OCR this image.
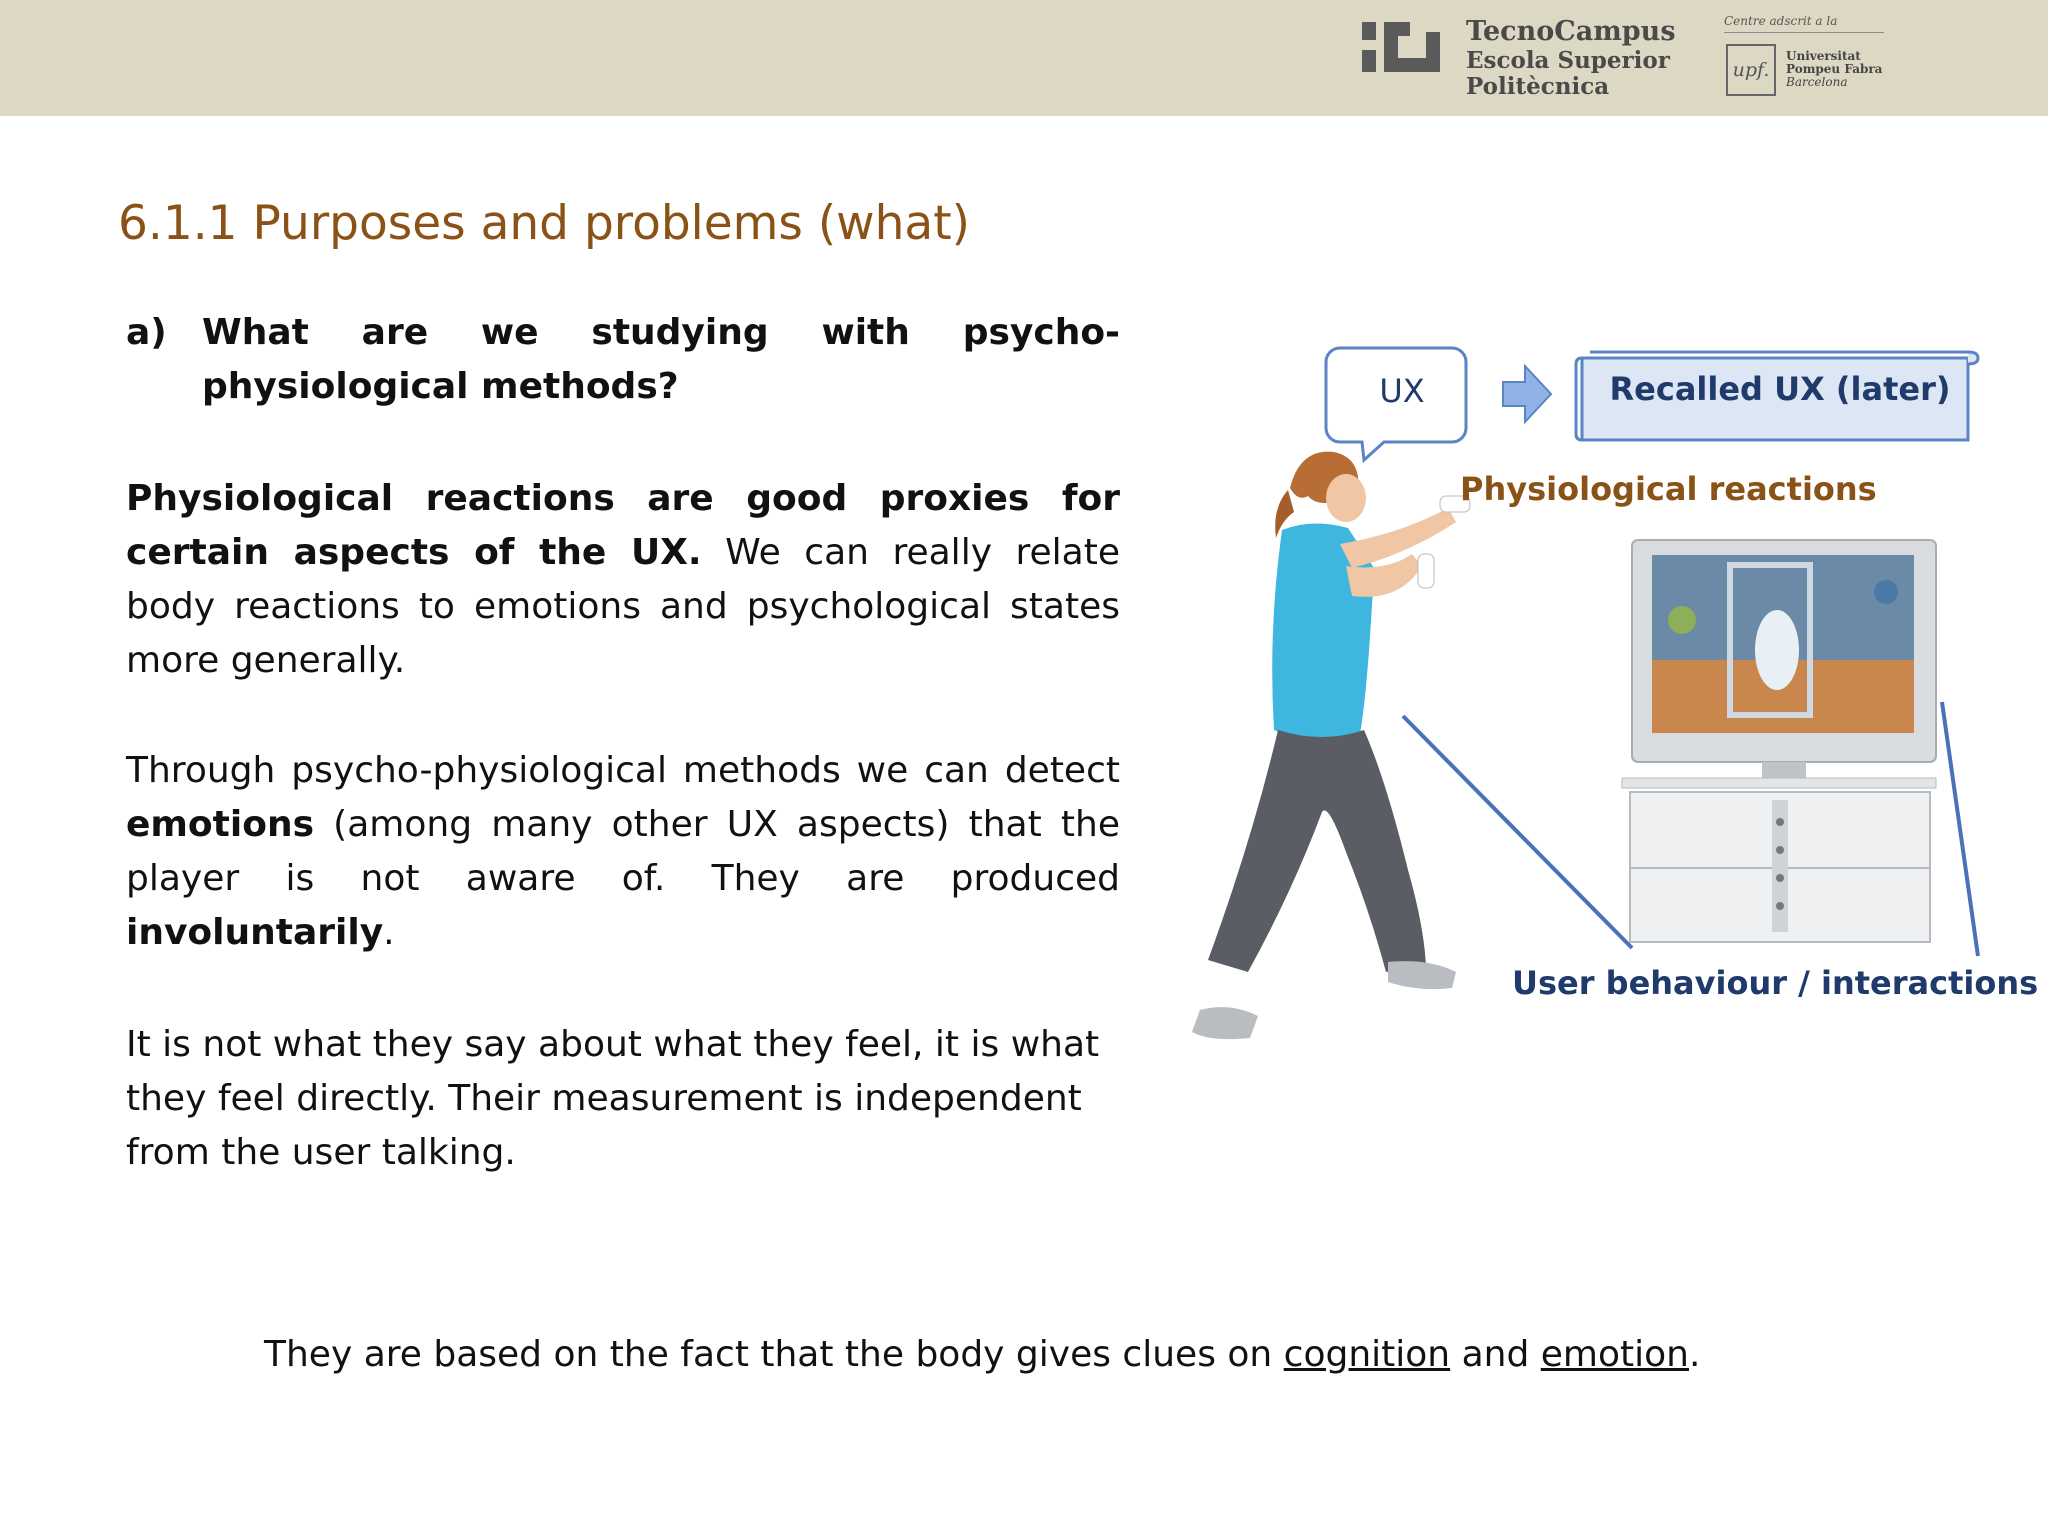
TecnoCampus
Escola Superior
Politècnica
Centre adscrit a la
upf.
Universitat
Pompeu Fabra
Barcelona
6.1.1 Purposes and problems (what)
a) What are we studying with psycho-physiological methods?
Physiological reactions are good proxies for certain aspects of the UX. We can really relate body reactions to emotions and psychological states more generally.
Through psycho-physiological methods we can detect emotions (among many other UX aspects) that the player is not aware of. They are produced involuntarily.
It is not what they say about what they feel, it is what they feel directly. Their measurement is independent from the user talking.
UX	Recalled UX (later)
Physiological reactions
User behaviour / interactions
They are based on the fact that the body gives clues on cognition and emotion.
